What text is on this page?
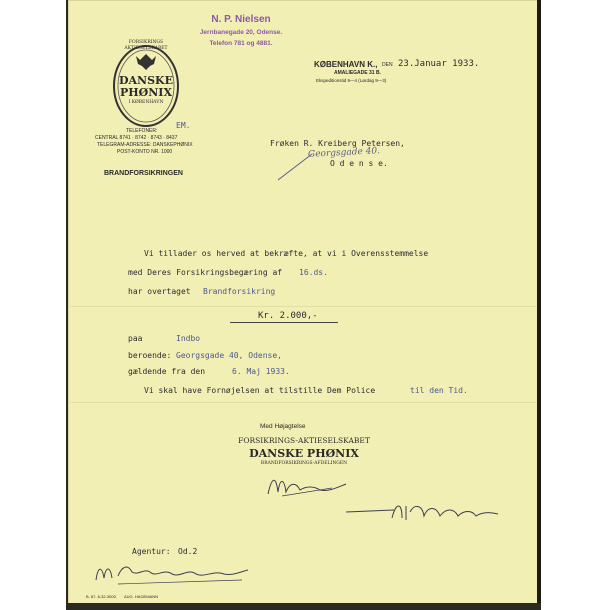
N. P. Nielsen
Jernbanegade 20, Odense.
Telefon 781 og 4881.
FORSIKRINGS
AKTIESELSKABET
DANSKE
PHØNIX
I KØBENHAVN
TELEFONER:
CENTRAL 8741 · 8742 · 8743 · 8437
TELEGRAM-ADRESSE: DANSKEPHØNIX
POST-KONTO NR. 1000
BRANDFORSIKRINGEN
EM.
KØBENHAVN K., DEN 23.Januar 1933.
AMALIEGADE 31 B.
Ekspeditionstid 9—4 (Lørdag 9—3)
Frøken R. Kreiberg Petersen,
Georgsgade 40.
O d e n s e.
Vi tillader os herved at bekræfte, at vi i Overensstemmelse
med Deres Forsikringsbegæring af 16.ds.
har overtaget Brandforsikring
Kr. 2.000,-
paa	Indbo
beroende: Georgsgade 40, Odense,
gældende fra den	6. Maj 1933.
Vi skal have Fornøjelsen at tilstille Dem Police	til den Tid.
Med Højagtelse
FORSIKRINGS-AKTIESELSKABET
DANSKE PHØNIX
BRANDFORSIKRINGS-AFDELINGEN
Agentur: Od.2
B. 87. 6-32-3000. AUG. HAGEMANN
